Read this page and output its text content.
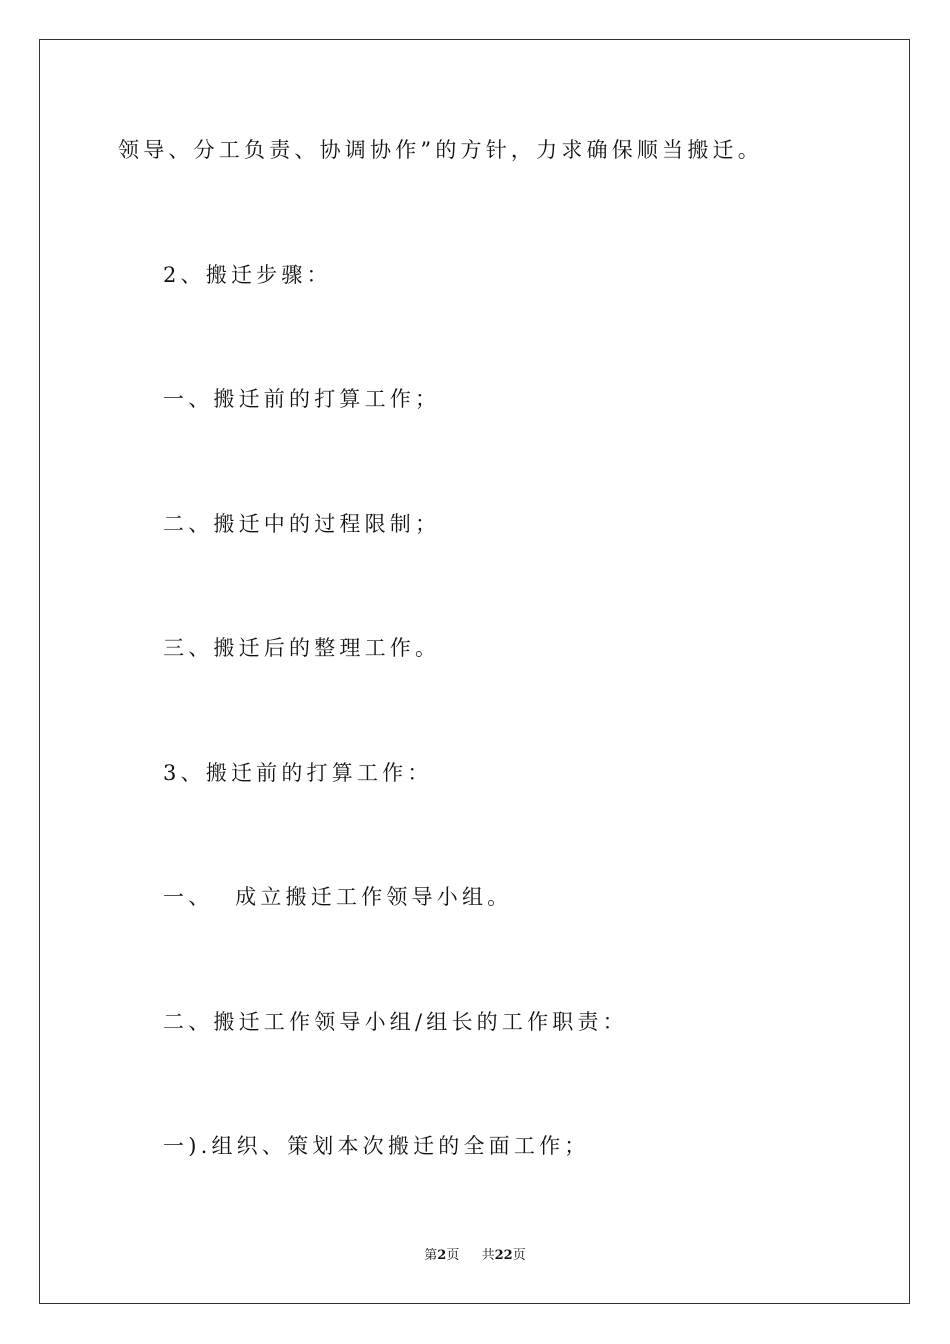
领导、分工负责、协调协作”的方针，力求确保顺当搬迁。
2、搬迁步骤：
一、搬迁前的打算工作；
二、搬迁中的过程限制；
三、搬迁后的整理工作。
3、搬迁前的打算工作：
一、  成立搬迁工作领导小组。
二、搬迁工作领导小组/组长的工作职责：
一).组织、策划本次搬迁的全面工作；
第2页 共22页
